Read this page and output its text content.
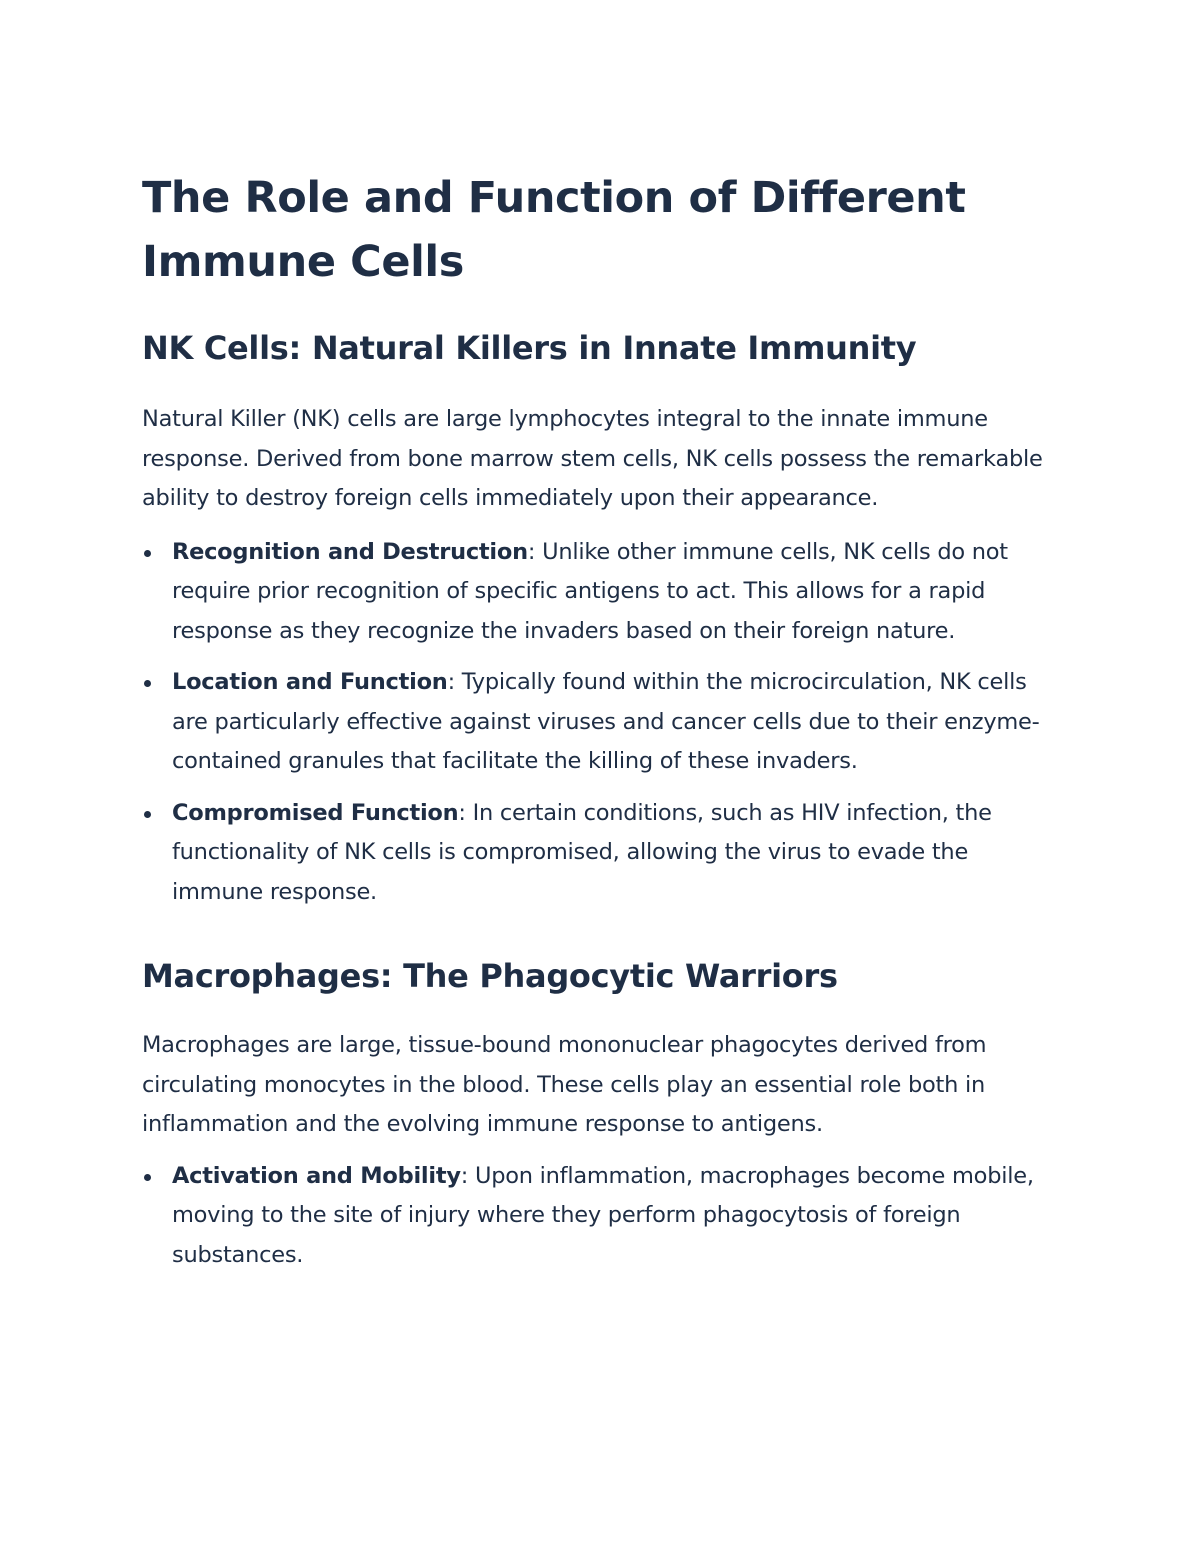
The Role and Function of Different Immune Cells
NK Cells: Natural Killers in Innate Immunity

Natural Killer (NK) cells are large lymphocytes integral to the innate immune response. Derived from bone marrow stem cells, NK cells possess the remarkable ability to destroy foreign cells immediately upon their appearance.

Recognition and Destruction: Unlike other immune cells, NK cells do not require prior recognition of specific antigens to act. This allows for a rapid response as they recognize the invaders based on their foreign nature.
Location and Function: Typically found within the microcirculation, NK cells are particularly effective against viruses and cancer cells due to their enzyme-contained granules that facilitate the killing of these invaders.
Compromised Function: In certain conditions, such as HIV infection, the functionality of NK cells is compromised, allowing the virus to evade the immune response.
Macrophages: The Phagocytic Warriors

Macrophages are large, tissue-bound mononuclear phagocytes derived from circulating monocytes in the blood. These cells play an essential role both in inflammation and the evolving immune response to antigens.

Activation and Mobility: Upon inflammation, macrophages become mobile, moving to the site of injury where they perform phagocytosis of foreign substances.
